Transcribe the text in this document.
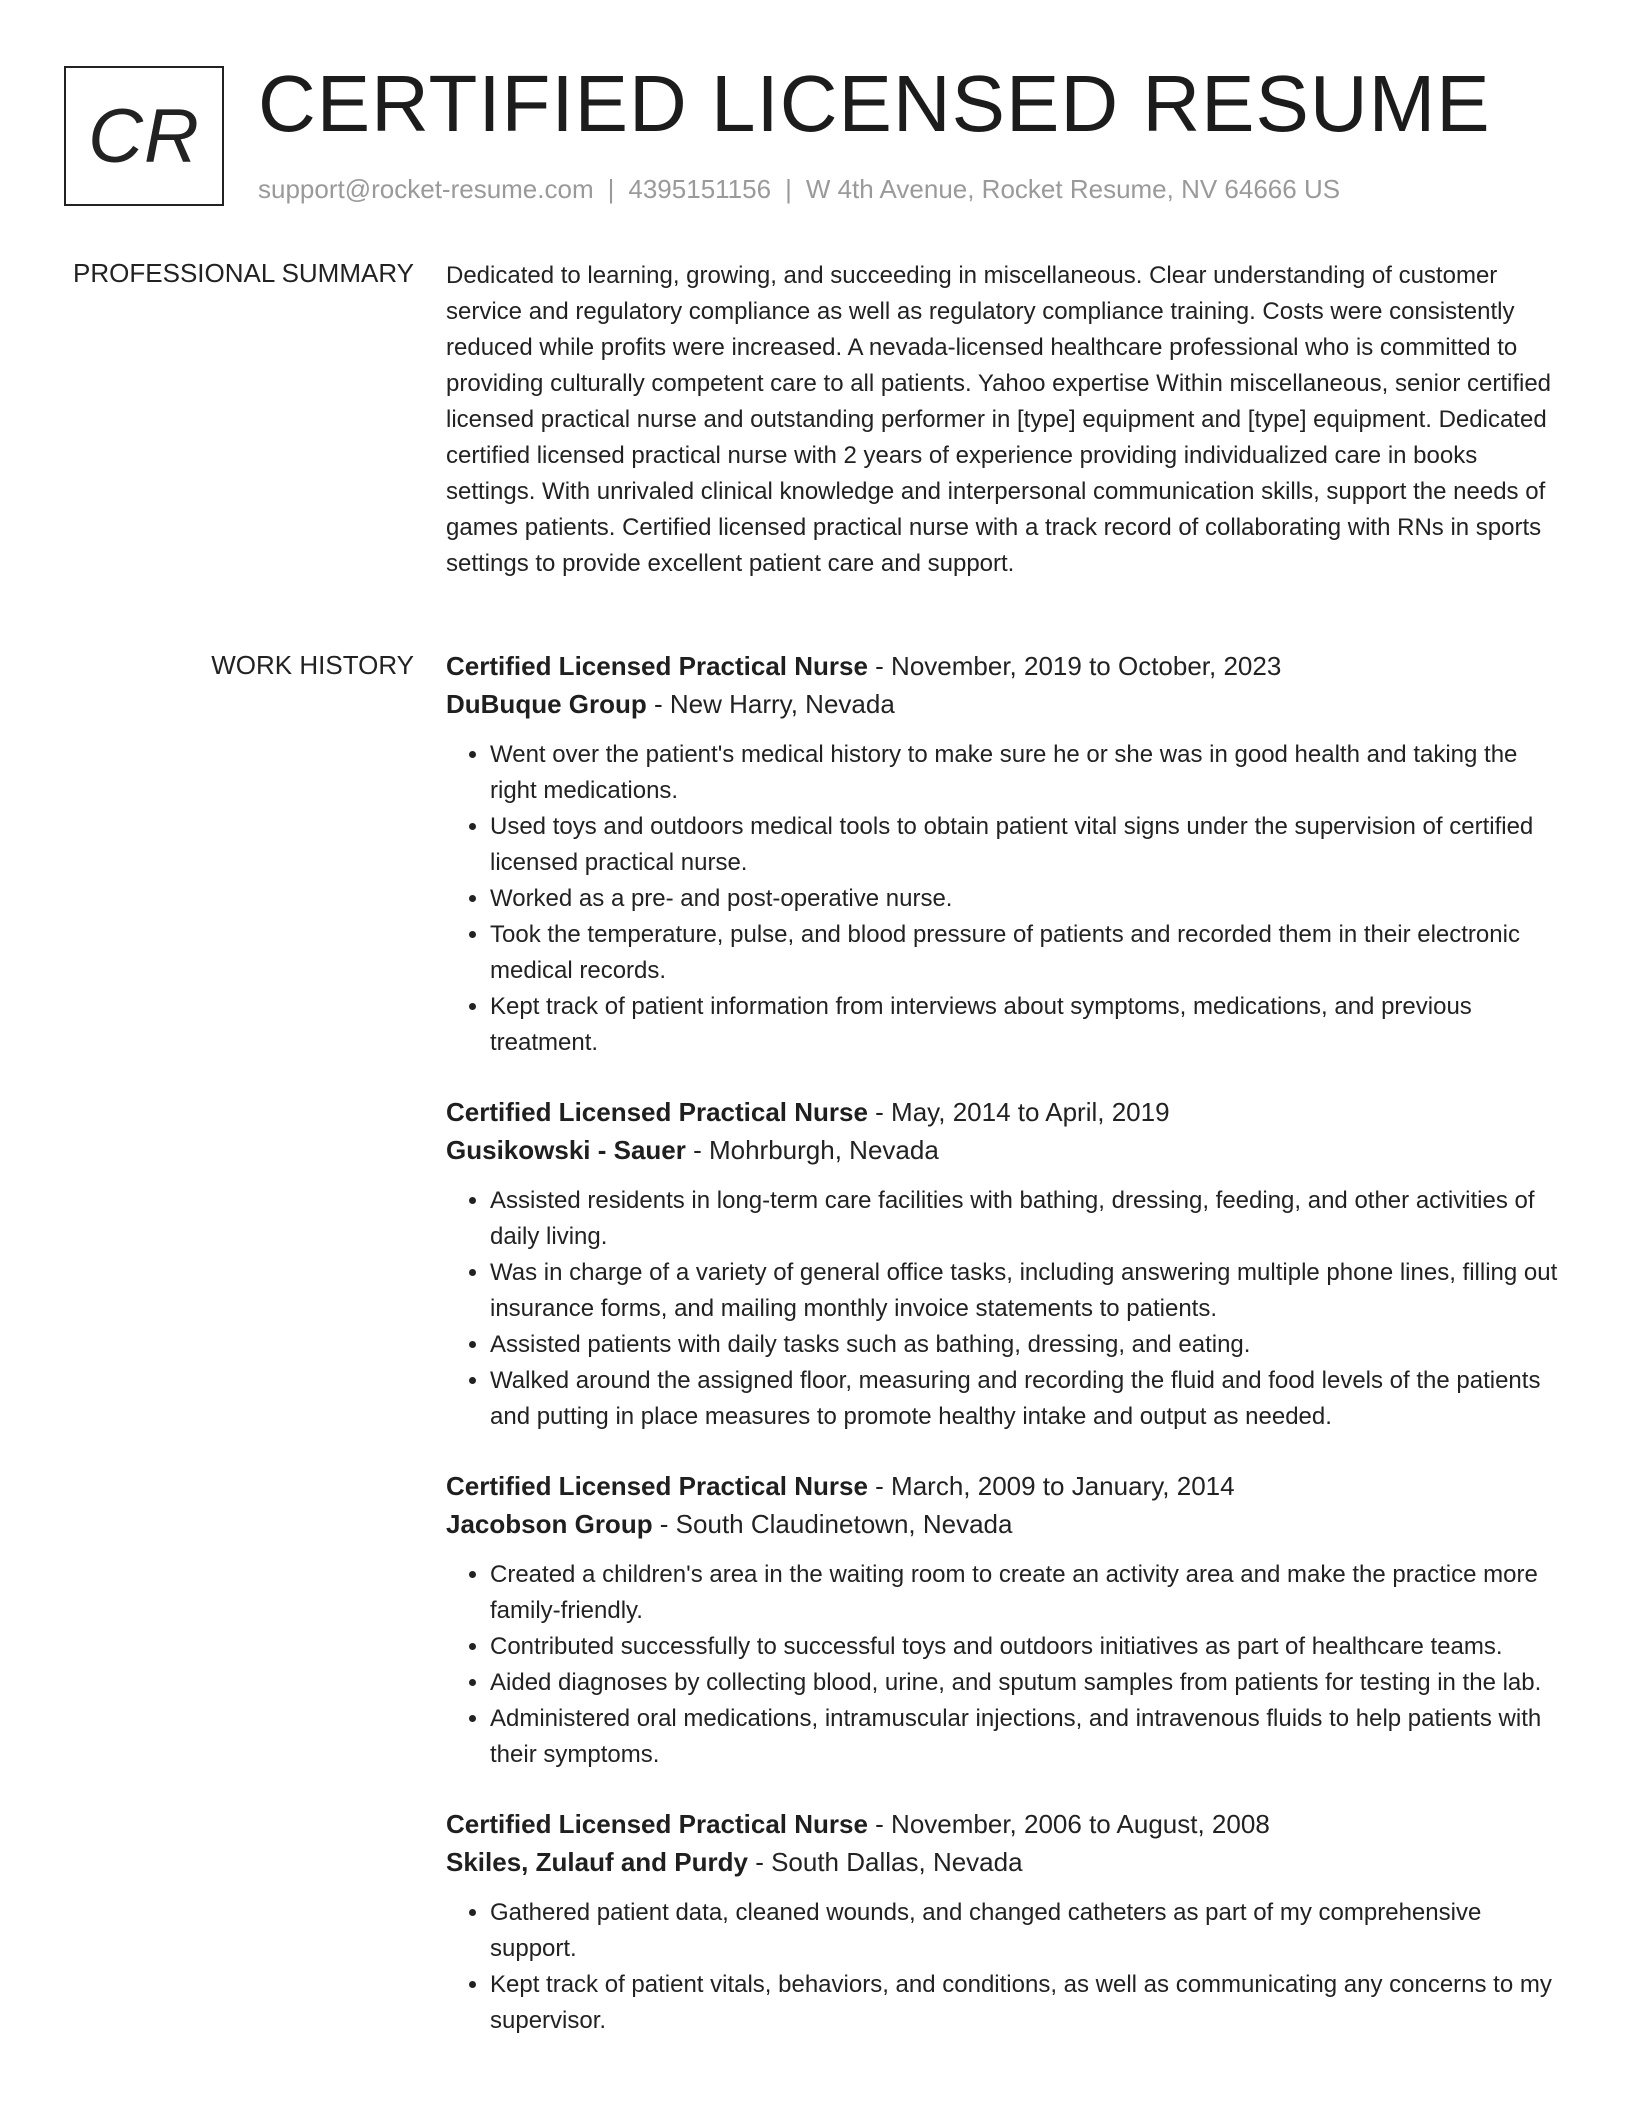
CR CERTIFIED LICENSED RESUME
support@rocket-resume.com | 4395151156 | W 4th Avenue, Rocket Resume, NV 64666 US
PROFESSIONAL SUMMARY Dedicated to learning, growing, and succeeding in miscellaneous. Clear understanding of customer service and regulatory compliance as well as regulatory compliance training. Costs were consistently reduced while profits were increased. A nevada-licensed healthcare professional who is committed to providing culturally competent care to all patients. Yahoo expertise Within miscellaneous, senior certified licensed practical nurse and outstanding performer in [type] equipment and [type] equipment. Dedicated certified licensed practical nurse with 2 years of experience providing individualized care in books settings. With unrivaled clinical knowledge and interpersonal communication skills, support the needs of games patients. Certified licensed practical nurse with a track record of collaborating with RNs in sports settings to provide excellent patient care and support.

WORK HISTORY Certified Licensed Practical Nurse - November, 2019 to October, 2023
DuBuque Group - New Harry, Nevada
• Went over the patient's medical history to make sure he or she was in good health and taking the right medications.
• Used toys and outdoors medical tools to obtain patient vital signs under the supervision of certified licensed practical nurse.
• Worked as a pre- and post-operative nurse.
• Took the temperature, pulse, and blood pressure of patients and recorded them in their electronic medical records.
• Kept track of patient information from interviews about symptoms, medications, and previous treatment.
Certified Licensed Practical Nurse - May, 2014 to April, 2019
Gusikowski - Sauer - Mohrburgh, Nevada
• Assisted residents in long-term care facilities with bathing, dressing, feeding, and other activities of daily living.
• Was in charge of a variety of general office tasks, including answering multiple phone lines, filling out insurance forms, and mailing monthly invoice statements to patients.
• Assisted patients with daily tasks such as bathing, dressing, and eating.
• Walked around the assigned floor, measuring and recording the fluid and food levels of the patients and putting in place measures to promote healthy intake and output as needed.
Certified Licensed Practical Nurse - March, 2009 to January, 2014
Jacobson Group - South Claudinetown, Nevada
• Created a children's area in the waiting room to create an activity area and make the practice more family-friendly.
• Contributed successfully to successful toys and outdoors initiatives as part of healthcare teams.
• Aided diagnoses by collecting blood, urine, and sputum samples from patients for testing in the lab.
• Administered oral medications, intramuscular injections, and intravenous fluids to help patients with their symptoms.
Certified Licensed Practical Nurse - November, 2006 to August, 2008
Skiles, Zulauf and Purdy - South Dallas, Nevada
• Gathered patient data, cleaned wounds, and changed catheters as part of my comprehensive support.
• Kept track of patient vitals, behaviors, and conditions, as well as communicating any concerns to my supervisor.
